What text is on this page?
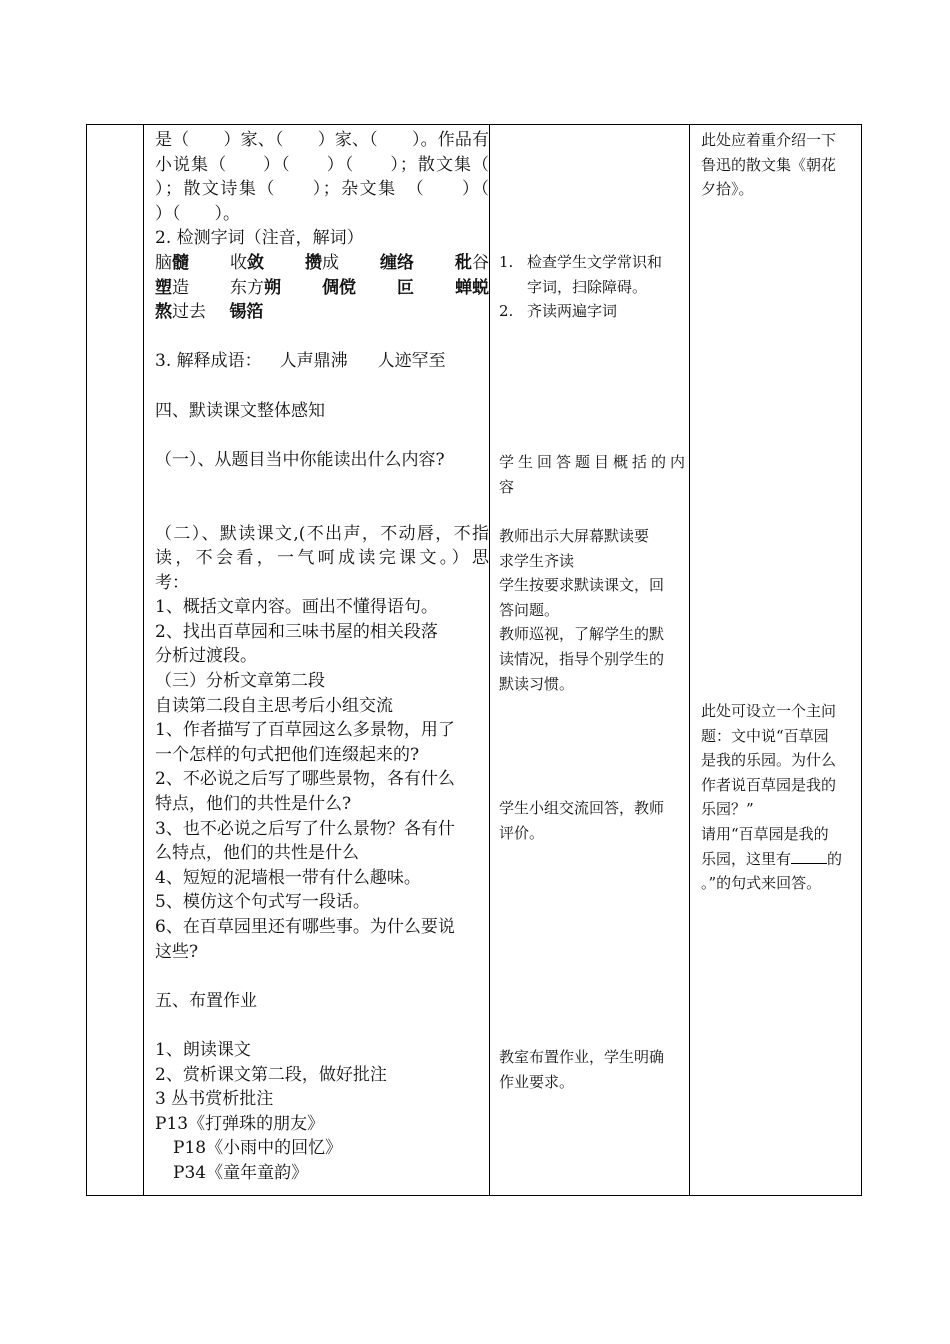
是（　　）家、（　　）家、（　　）。作品有
小说集（　　）（　　）（　　）；散文集（
）；散文诗集（　　）；杂文集　（　　）（
）（　　）。
2. 检测字词（注音，解词）
脑髓 收敛 攒成 缠络 秕谷
塑造 东方朔 倜傥 叵 蝉蜕
熬过去 锡箔
3. 解释成语： 人声鼎沸 人迹罕至
四、默读课文整体感知
（一）、从题目当中你能读出什么内容?
（二）、默读课文,(不出声，不动唇，不指
读，不会看，一气呵成读完课文。）思
考：
1、概括文章内容。画出不懂得语句。
2、找出百草园和三味书屋的相关段落
分析过渡段。
（三）分析文章第二段
自读第二段自主思考后小组交流
1、作者描写了百草园这么多景物，用了
一个怎样的句式把他们连缀起来的?
2、不必说之后写了哪些景物，各有什么
特点，他们的共性是什么?
3、也不必说之后写了什么景物？各有什
么特点，他们的共性是什么
4、短短的泥墙根一带有什么趣味。
5、模仿这个句式写一段话。
6、在百草园里还有哪些事。为什么要说
这些?
五、布置作业
1、朗读课文
2、赏析课文第二段，做好批注
3 丛书赏析批注
P13《打弹珠的朋友》
P18《小雨中的回忆》
P34《童年童韵》
1. 检查学生文学常识和
字词，扫除障碍。
2. 齐读两遍字词
学生回答题目概括的内
容
教师出示大屏幕默读要
求学生齐读
学生按要求默读课文，回
答问题。
教师巡视，了解学生的默
读情况，指导个别学生的
默读习惯。
学生小组交流回答，教师
评价。
教室布置作业，学生明确
作业要求。
此处应着重介绍一下
鲁迅的散文集《朝花
夕拾》。
此处可设立一个主问
题：文中说“百草园
是我的乐园。为什么
作者说百草园是我的
乐园？”
请用“百草园是我的
乐园，这里有 的
。”的句式来回答。
